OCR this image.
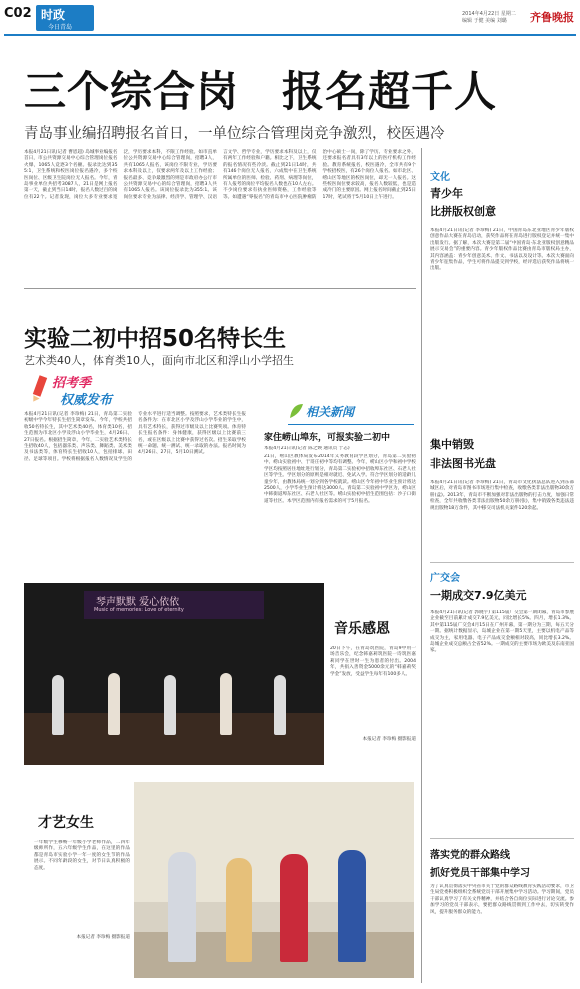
C02 时政
今日青岛
2014年4月22日 星期二
编辑 于健 美编 刘璐 齐鲁晚报
三个综合岗　报名超千人
青岛事业编招聘报名首日，一单位综合管理岗竞争激烈，校医遇冷
本报4月21日讯(记者 曹恩超) 岛城事业编报名首日，市公共资源交易中心综合管理岗位报名火爆，1065人竞逐3个名额。报录比达到355:1，卫生系统和校医岗位报名遇冷，多个校医岗位、区级卫生院岗位无人报名。今年，青岛事业单位共招考3087人，21日是网上报名第一天，截止到当日14时，报名人数过百的岗位有22个。记者发现，岗位大多专业要求宽泛，学历要求本科，不限工作经验。如市直单位公共资源交易中心综合管理岗，招聘3人，共有1065人报名，该岗位不限专业，学历要求本科及以上，仅要求两年及以上工作经验；报名最多、竞争最激烈的则是市政府办公厅市公共资源交易中心的综合管理岗，招聘3人共有1065人报名。该岗位报录比为355:1。该岗位要求专业为法律、经济学、管理学、汉语言文学、哲学专业，学历要求本科及以上，仅有两年工作经验和户籍。相比之下，卫生系统的报名情况有些冷淡。截止到21日14时，共有146个岗位无人报名，六成集中在卫生系统所属单位的医师、检验、药剂、病理等岗位，有人报考的岗位平均报名人数也在10人左右。不少岗位要求有执业医师资格，工作经验等等。如遭遇“零报名”的青岛市中心医院肿瘤防治中心硕士一岗，除了学历、专业要求之外，还要求报名者具有3年以上的医疗机构工作经验。教育系统报名，校医遇冷，全市共有9个学校招校医，有26个岗位人报名。如市北区、崂山区等地区的校医岗位，却无一人报名。这些校医岗位要求较高，报名人数较低，也是造成冷门的主要原因。网上报名时间截止到25日17时，笔试将于5月10日上午进行。
实验二初中招50名特长生
艺术类40人，体育类10人，面向市北区和浮山小学招生
招考季
权威发布
本报4月21日讯(记者 李珍梅) 21日，青岛第二实验初级中学今年特长生招生简章发布。今年，学校共招收50名特长生，其中艺术类40名，体育类10名，招生范围为市北区小学及浮山小学毕业生，4月26日、27日报名。根据招生简章，今年，二实验艺术类特长生招收40人，包括器乐类、声乐类、舞蹈类、美术类及书法类等，体育特长生招收10人，包括排球、田径、足球等项目。学校将根据报名人数情况及学生的专业水平进行适当调整。按照要求，艺术类特长生报名条件为：在市北区小学及浮山小学毕业的学生中，具有艺术特长，获得过市级及以上比赛奖项。体育特长生报名条件：身体健康，获得区级以上比赛前三名，或在区级以上比赛中获得过名次。招生采取学校统一命题、统一测试、统一录取的办法。报名时间为4月26日、27日，5月10日测试。
相关新闻
家住崂山埠东，可报实验二初中
本报4月21日讯(记者 陈之焕 通讯员 于志)
21日，崂山区教体局发布2014年义务教育段学区划分，青岛第二实验初中、崂山实验初中、于哥庄初中等均有调整。今年，崂山区小学和初中学校学区均按照居住地址进行划分，青岛第二实验初中招收埠东社区、石老人社区等学生。学区划分的原则是相对就近、免试入学。符合学区划分的适龄儿童少年，由教体局统一划分到各学校就读。崂山区今年初中毕业生预计将达2500人，小学毕业生预计将达3000人。青岛第二实验初中学区为，崂山区中韩街道埠东社区、石老人社区等。崂山实验初中招生范围包括：沙子口街道等社区。本学区范围内有报名需求的可于5月报名。
琴声默默 爱心依依
Music of memories: Love of eternity
音乐感恩
20日下午，在青岛筑医院，青岛9中用一场音乐会，纪念韩嘉莉筑医院一诗筑医嘉莉同学在世时一生为患者的付出。2004年，共捐入善资金5000余元的“韩嘉莉奖学金”发放，受益学生每年有100多人。
本报记者 李珍梅 摄影报道
才艺女生
一年级学生穆畅一年级小学老师作品，二四年级师所作，五六年级学生作品，在这里的作品都是青岛市实验小学一年一度的女生节的作品展示。不同年龄段的女生，对节日认真积极的态度。
本报记者 李珍梅 摄影报道
文化
青少年
比拼版权创意
本报4月21日讯(记者 李珍梅) 21日，中国青岛东北亚地区青少年版权创意作品大赛在青岛启动，获奖作品将在青岛进行版权登记并统一集中出版发行。据了解，本次大赛是第二届“中国青岛·东北亚版权创意精品展示交易会”的重要内容。青少年版权作品比赛由青岛市版权局主办，其内容涵盖：青少年创意美术、作文、书法以及设计等。本次大赛面向青少年征集作品，学生可将作品提交到学校，经评选后获奖作品将统一出版。
集中销毁
非法图书光盘
本报4月21日讯(记者 李珍梅) 21日，青岛市文化执法总队进入到东部城区后，对青岛市图书市场进行集中检查，收缴各类非法出版物30余万册(盒)。2013年，青岛市不断加强对非法出版物的打击力度，加强日常检查，全年共收缴各类非法出版物50余万册(张)，集中销毁各类违法违规出版物18万余件，其中移交司法机关案件120余起。
广交会
一期成交7.9亿美元
本报4月21日讯(记者 郭晓宇) 第115届广交会第一期闭幕，青岛市参展企业截至目前累计成交7.9亿美元，同比增长5%。四月，增长1.3%。其中第115届广交会4月15日在广州开幕，第一期分为三期，每五天分一期。据统计数据显示，岛城企业在第一期5天里，主要以机电产品等成交为主，家用电器、电子产品成交金额相对较高，同比增长3.2%。岛城企业成交总额占全省52%。一期成交的主要市场为欧美及东南亚国家。
落实党的群众路线
抓好党员干部集中学习
为了认真贯彻落实中央省市关于党的群众路线教育实践活动要求，市卫生局党委积极组织全系统党员干部开展集中学习活动。学习期间，党员干部认真学习了有关文件精神，并结合各自岗位实际进行讨论交流。参加学习的党员干部表示，要把群众路线贯彻到工作中去，切实转变作风，提升服务群众的能力。
